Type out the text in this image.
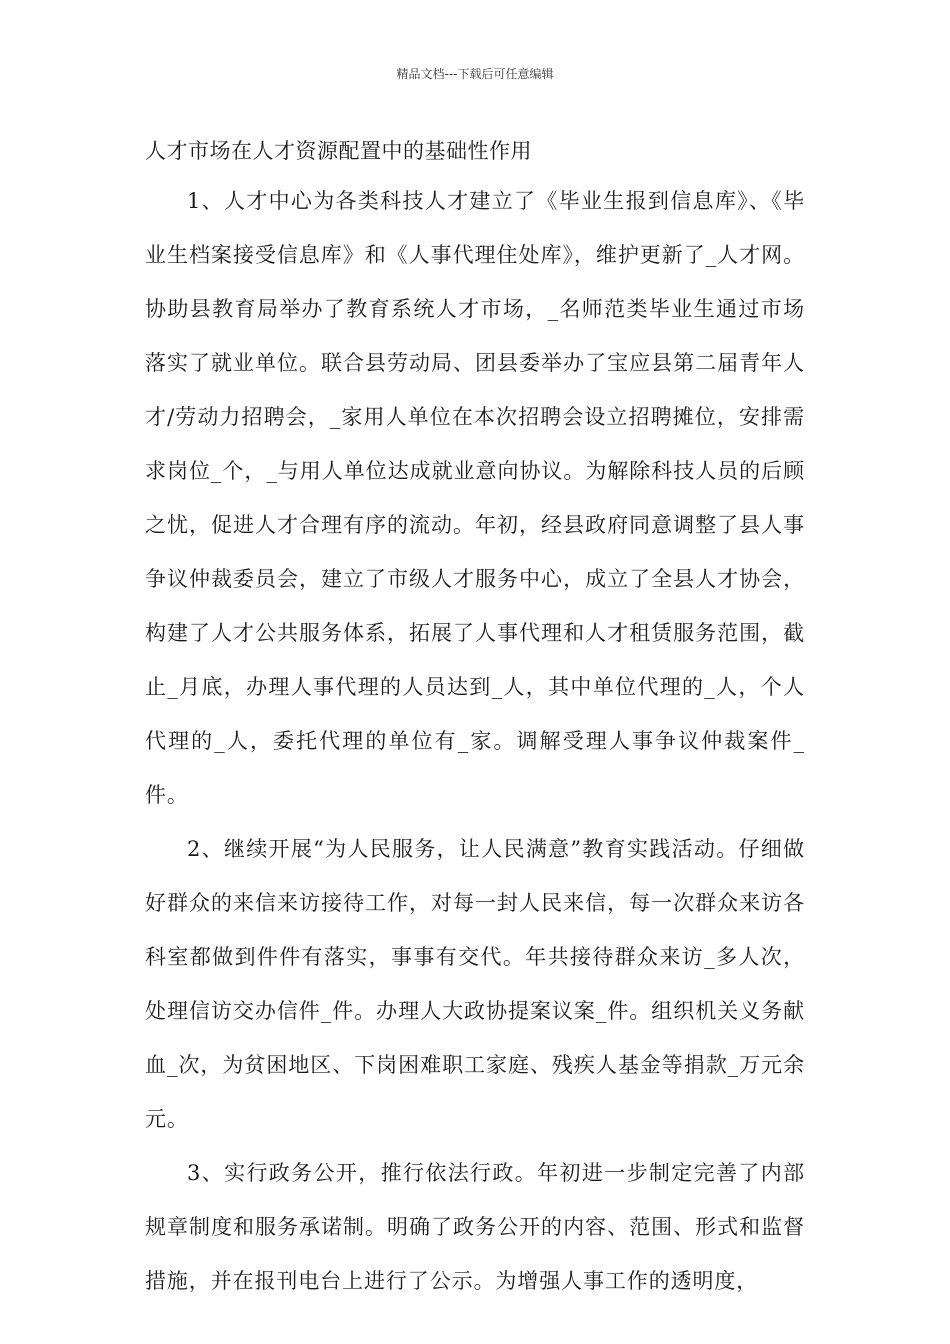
精品文档---下载后可任意编辑
人才市场在人才资源配置中的基础性作用

1、人才中心为各类科技人才建立了《毕业生报到信息库》、《毕业生档案接受信息库》和《人事代理住处库》，维护更新了_人才网。协助县教育局举办了教育系统人才市场，_名师范类毕业生通过市场落实了就业单位。联合县劳动局、团县委举办了宝应县第二届青年人才/劳动力招聘会，_家用人单位在本次招聘会设立招聘摊位，安排需求岗位_个，_与用人单位达成就业意向协议。为解除科技人员的后顾之忧，促进人才合理有序的流动。年初，经县政府同意调整了县人事争议仲裁委员会，建立了市级人才服务中心，成立了全县人才协会，构建了人才公共服务体系，拓展了人事代理和人才租赁服务范围，截止_月底，办理人事代理的人员达到_人，其中单位代理的_人，个人代理的_人，委托代理的单位有_家。调解受理人事争议仲裁案件_件。

2、继续开展“为人民服务，让人民满意”教育实践活动。仔细做好群众的来信来访接待工作，对每一封人民来信，每一次群众来访各科室都做到件件有落实，事事有交代。年共接待群众来访_多人次，处理信访交办信件_件。办理人大政协提案议案_件。组织机关义务献血_次，为贫困地区、下岗困难职工家庭、残疾人基金等捐款_万元余元。

3、实行政务公开，推行依法行政。年初进一步制定完善了内部规章制度和服务承诺制。明确了政务公开的内容、范围、形式和监督措施，并在报刊电台上进行了公示。为增强人事工作的透明度，
